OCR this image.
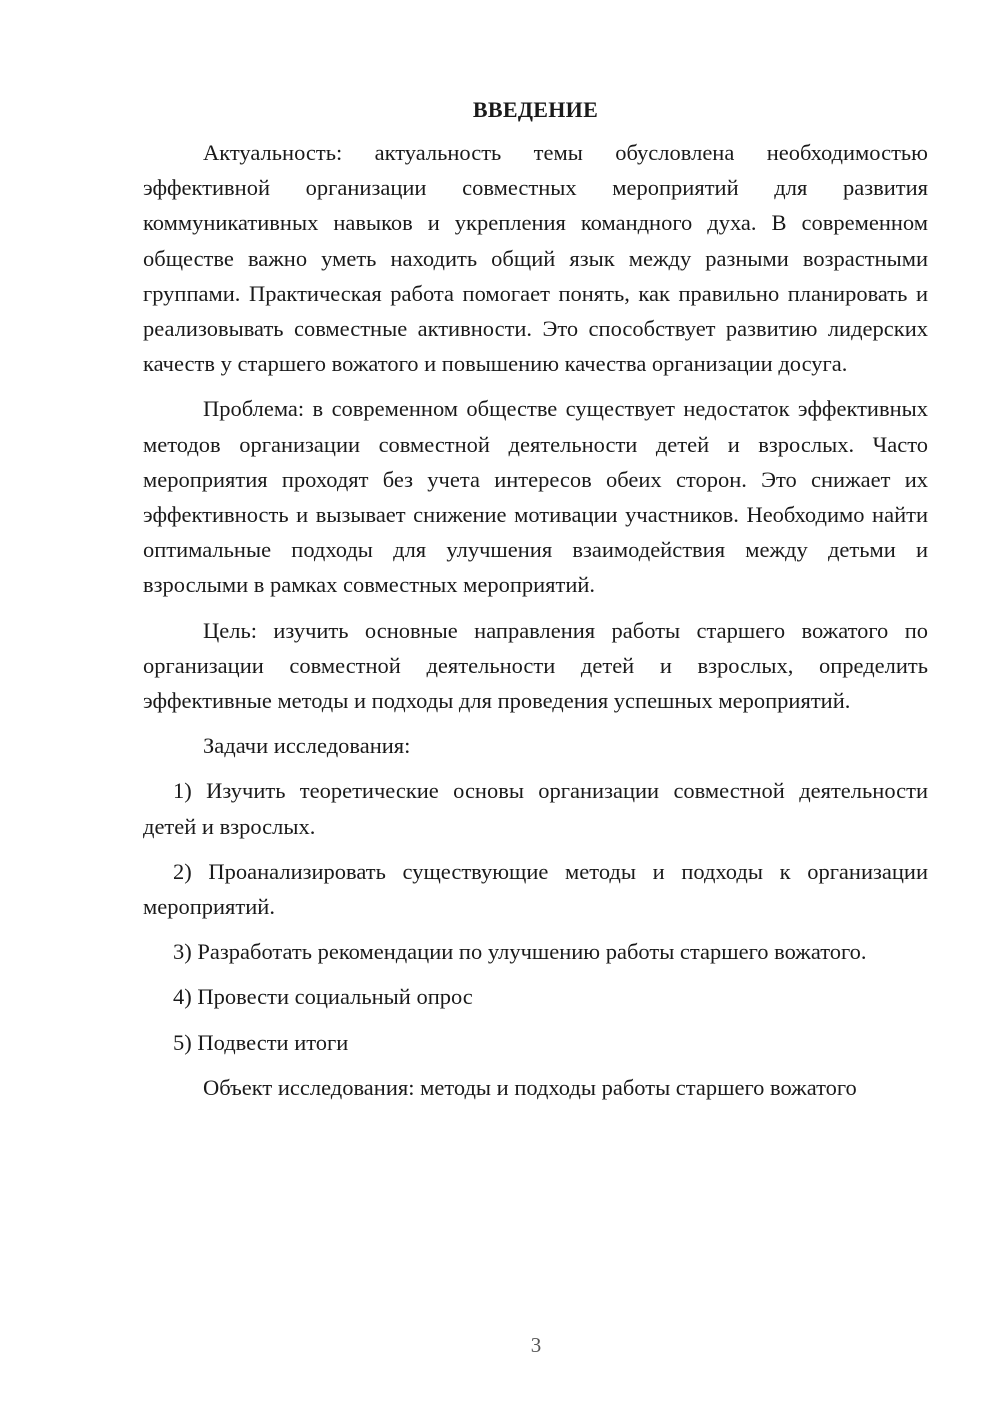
ВВЕДЕНИЕ

Актуальность: актуальность темы обусловлена необходимостью эффективной организации совместных мероприятий для развития коммуникативных навыков и укрепления командного духа. В современном обществе важно уметь находить общий язык между разными возрастными группами. Практическая работа помогает понять, как правильно планировать и реализовывать совместные активности. Это способствует развитию лидерских качеств у старшего вожатого и повышению качества организации досуга.

Проблема: в современном обществе существует недостаток эффективных методов организации совместной деятельности детей и взрослых. Часто мероприятия проходят без учета интересов обеих сторон. Это снижает их эффективность и вызывает снижение мотивации участников. Необходимо найти оптимальные подходы для улучшения взаимодействия между детьми и взрослыми в рамках совместных мероприятий.

Цель: изучить основные направления работы старшего вожатого по организации совместной деятельности детей и взрослых, определить эффективные методы и подходы для проведения успешных мероприятий.

Задачи исследования:

1) Изучить теоретические основы организации совместной деятельности детей и взрослых.

2) Проанализировать существующие методы и подходы к организации мероприятий.

3) Разработать рекомендации по улучшению работы старшего вожатого.

4) Провести социальный опрос

5) Подвести итоги

Объект исследования: методы и подходы работы старшего вожатого

3
